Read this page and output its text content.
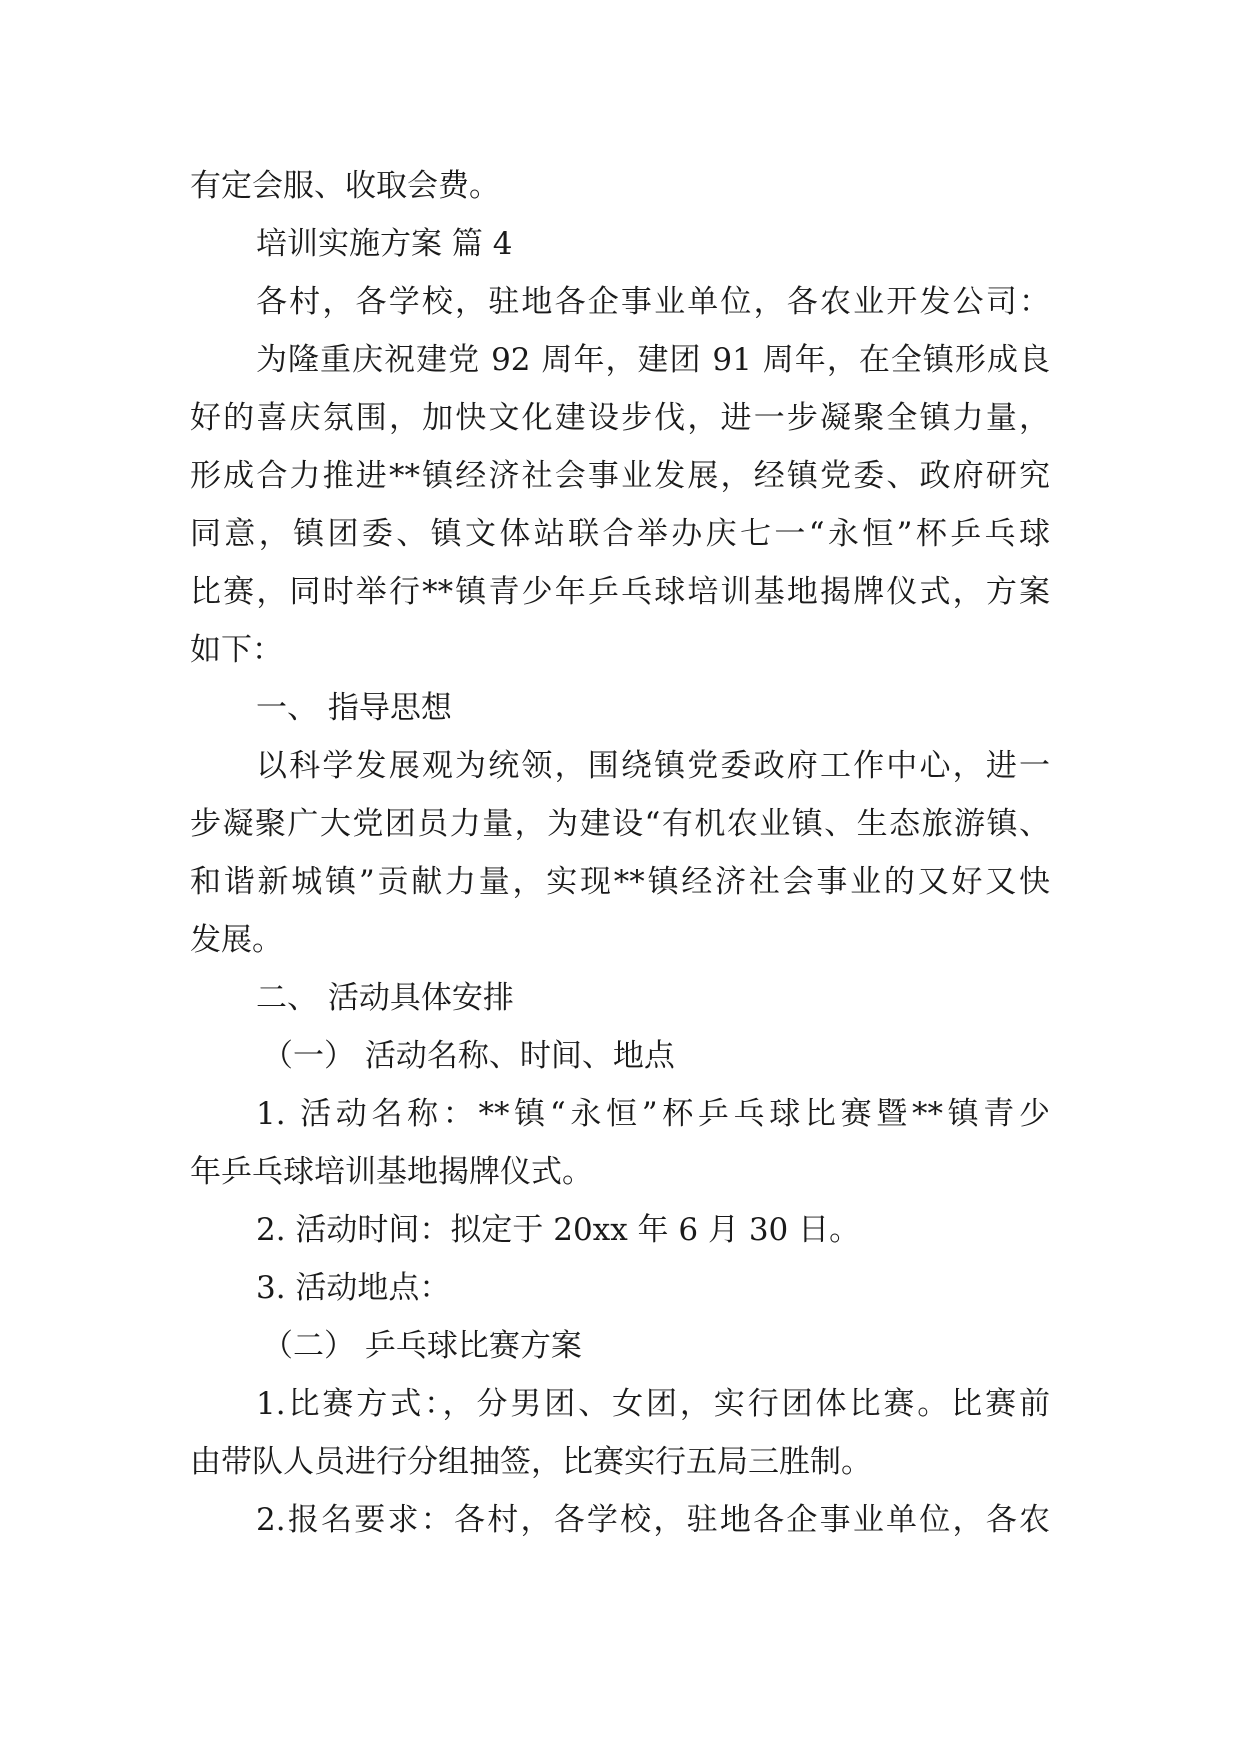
有定会服、收取会费。
培训实施方案 篇 4
各村，各学校，驻地各企事业单位，各农业开发公司：
为隆重庆祝建党 92 周年，建团 91 周年，在全镇形成良
好的喜庆氛围，加快文化建设步伐，进一步凝聚全镇力量，
形成合力推进**镇经济社会事业发展，经镇党委、政府研究
同意，镇团委、镇文体站联合举办庆七一“永恒”杯乒乓球
比赛，同时举行**镇青少年乒乓球培训基地揭牌仪式，方案
如下：
一、 指导思想
以科学发展观为统领，围绕镇党委政府工作中心，进一
步凝聚广大党团员力量，为建设“有机农业镇、生态旅游镇、
和谐新城镇”贡献力量，实现**镇经济社会事业的又好又快
发展。
二、 活动具体安排
（一） 活动名称、时间、地点
1. 活动名称：**镇“永恒”杯乒乓球比赛暨**镇青少
年乒乓球培训基地揭牌仪式。
2. 活动时间：拟定于 20xx 年 6 月 30 日。
3. 活动地点：
（二） 乒乓球比赛方案
1.比赛方式：，分男团、女团，实行团体比赛。比赛前
由带队人员进行分组抽签，比赛实行五局三胜制。
2.报名要求：各村，各学校，驻地各企事业单位，各农
